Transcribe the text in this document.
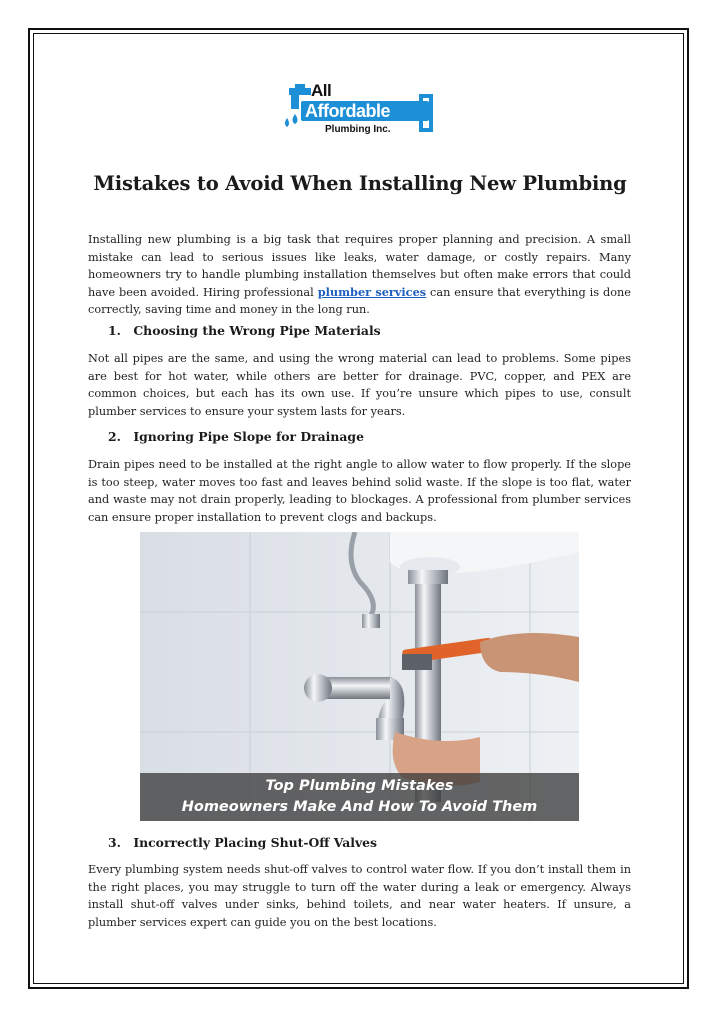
All
Affordable
Plumbing Inc.
Mistakes to Avoid When Installing New Plumbing

Installing new plumbing is a big task that requires proper planning and precision. A small mistake can lead to serious issues like leaks, water damage, or costly repairs. Many homeowners try to handle plumbing installation themselves but often make errors that could have been avoided. Hiring professional plumber services can ensure that everything is done correctly, saving time and money in the long run.

1. Choosing the Wrong Pipe Materials

Not all pipes are the same, and using the wrong material can lead to problems. Some pipes are best for hot water, while others are better for drainage. PVC, copper, and PEX are common choices, but each has its own use. If you’re unsure which pipes to use, consult plumber services to ensure your system lasts for years.

2. Ignoring Pipe Slope for Drainage

Drain pipes need to be installed at the right angle to allow water to flow properly. If the slope is too steep, water moves too fast and leaves behind solid waste. If the slope is too flat, water and waste may not drain properly, leading to blockages. A professional from plumber services can ensure proper installation to prevent clogs and backups.

Top Plumbing Mistakes
Homeowners Make And How To Avoid Them
3. Incorrectly Placing Shut-Off Valves

Every plumbing system needs shut-off valves to control water flow. If you don’t install them in the right places, you may struggle to turn off the water during a leak or emergency. Always install shut-off valves under sinks, behind toilets, and near water heaters. If unsure, a plumber services expert can guide you on the best locations.
